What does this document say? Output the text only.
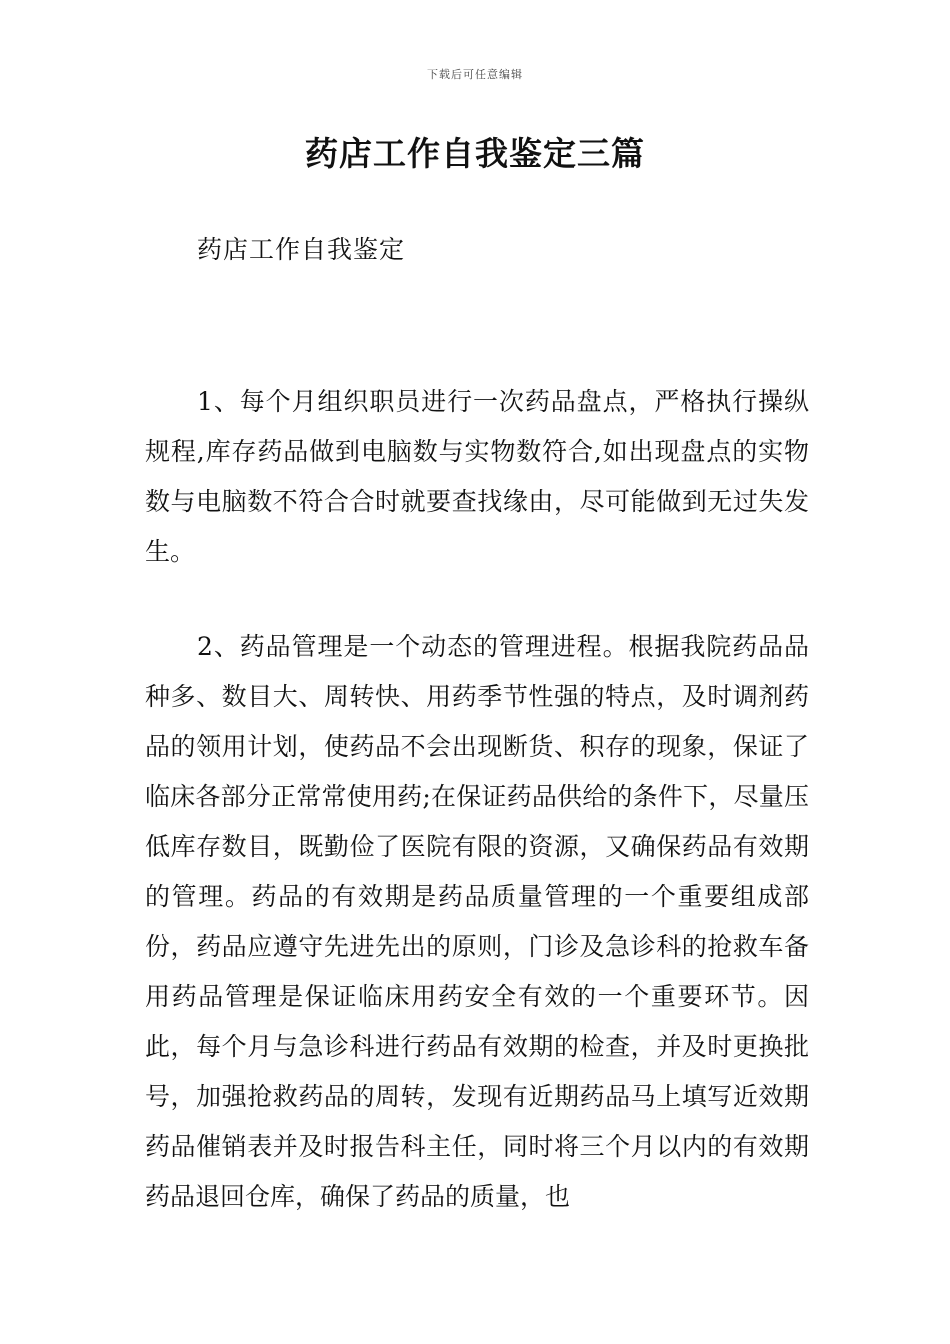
下载后可任意编辑
药店工作自我鉴定三篇
药店工作自我鉴定

1、每个月组织职员进行一次药品盘点，严格执行操纵规程,库存药品做到电脑数与实物数符合,如出现盘点的实物数与电脑数不符合合时就要查找缘由，尽可能做到无过失发生。

2、药品管理是一个动态的管理进程。根据我院药品品种多、数目大、周转快、用药季节性强的特点，及时调剂药品的领用计划，使药品不会出现断货、积存的现象，保证了临床各部分正常常使用药;在保证药品供给的条件下，尽量压低库存数目，既勤俭了医院有限的资源，又确保药品有效期的管理。药品的有效期是药品质量管理的一个重要组成部份，药品应遵守先进先出的原则，门诊及急诊科的抢救车备用药品管理是保证临床用药安全有效的一个重要环节。因此，每个月与急诊科进行药品有效期的检查，并及时更换批号，加强抢救药品的周转，发现有近期药品马上填写近效期药品催销表并及时报告科主任，同时将三个月以内的有效期药品退回仓库，确保了药品的质量，也
